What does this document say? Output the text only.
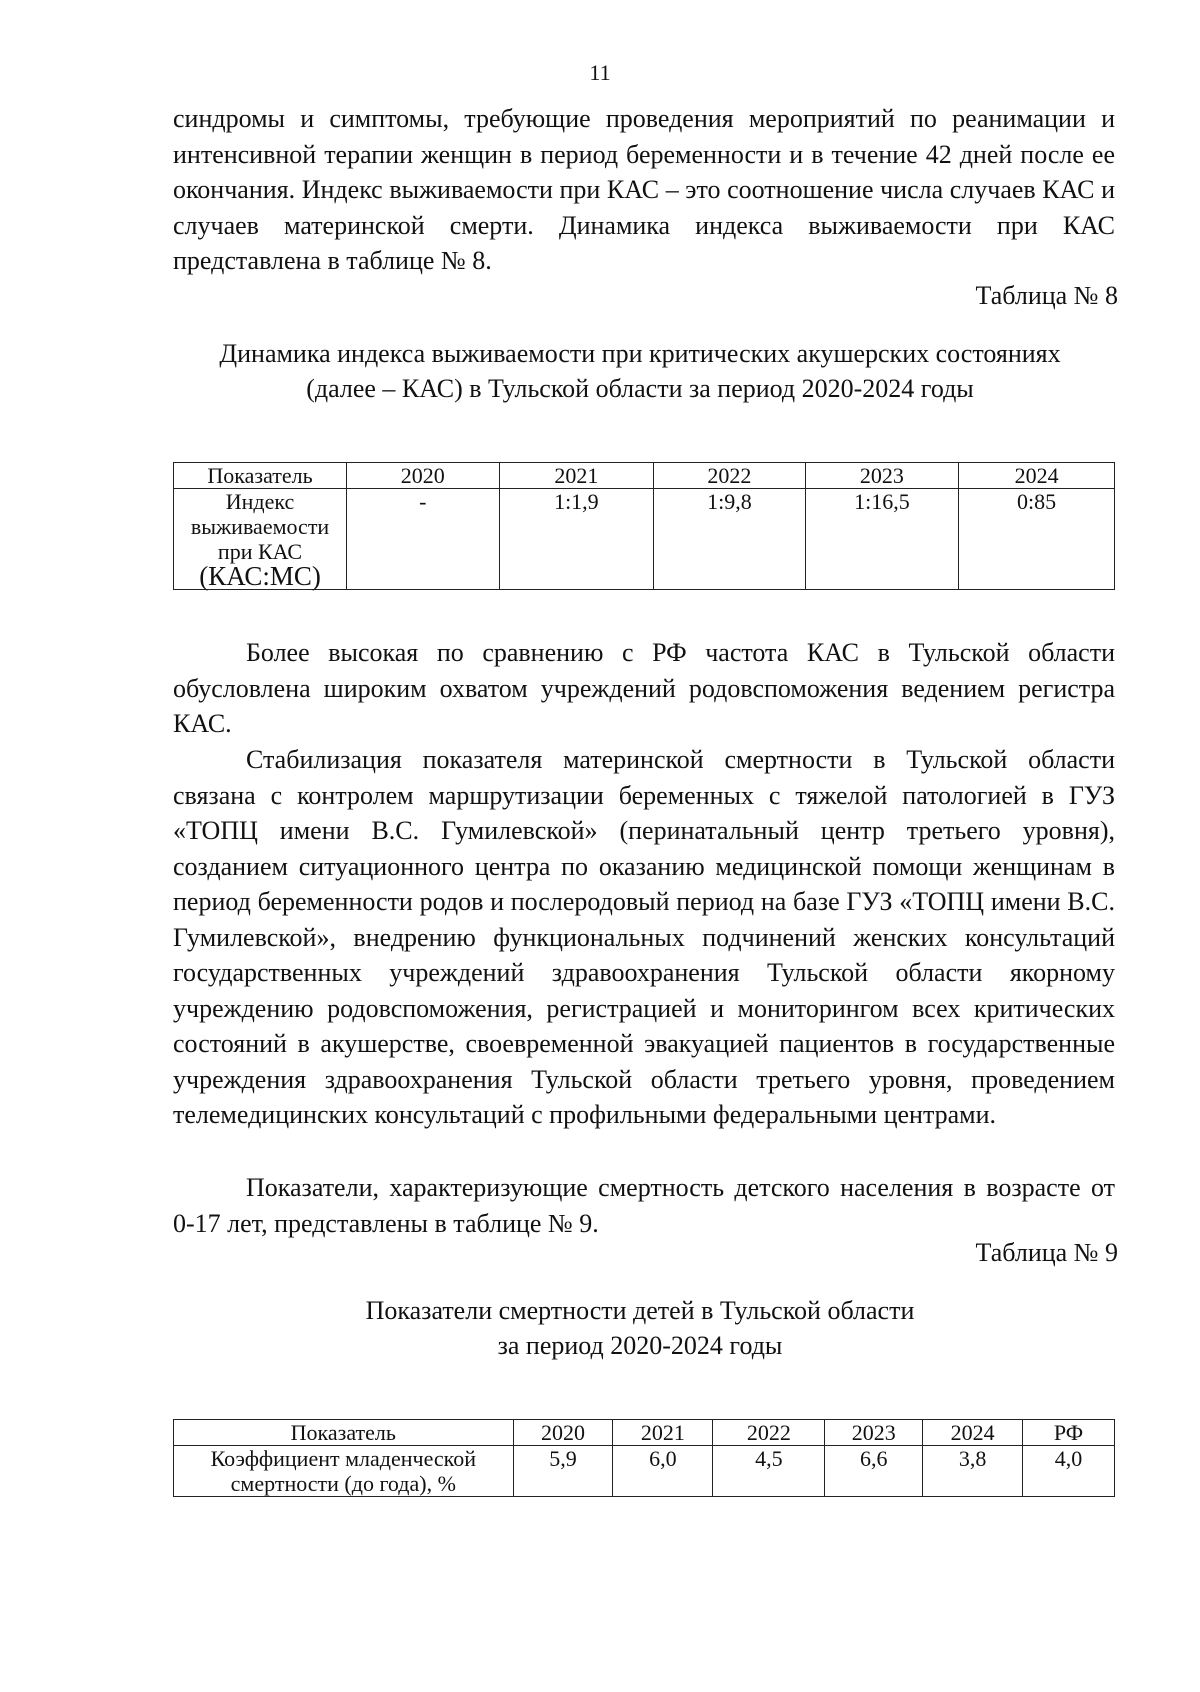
11

синдромы и симптомы, требующие проведения мероприятий по реанимации и интенсивной терапии женщин в период беременности и в течение 42 дней после ее окончания. Индекс выживаемости при КАС – это соотношение числа случаев КАС и случаев материнской смерти. Динамика индекса выживаемости при КАС представлена в таблице № 8.

Таблица № 8
Динамика индекса выживаемости при критических акушерских состояниях
(далее – КАС) в Тульской области за период 2020-2024 годы
Показатель	2020	2021	2022	2023	2024

Индекс
выживаемости
при КАС
(КАС:МС)	-	1:1,9	1:9,8	1:16,5	0:85

Более высокая по сравнению с РФ частота КАС в Тульской области обусловлена широким охватом учреждений родовспоможения ведением регистра КАС.

Стабилизация показателя материнской смертности в Тульской области связана с контролем маршрутизации беременных с тяжелой патологией в ГУЗ «ТОПЦ имени В.С. Гумилевской» (перинатальный центр третьего уровня), созданием ситуационного центра по оказанию медицинской помощи женщинам в период беременности родов и послеродовый период на базе ГУЗ «ТОПЦ имени В.С. Гумилевской», внедрению функциональных подчинений женских консультаций государственных учреждений здравоохранения Тульской области якорному учреждению родовспоможения, регистрацией и мониторингом всех критических состояний в акушерстве, своевременной эвакуацией пациентов в государственные учреждения здравоохранения Тульской области третьего уровня, проведением телемедицинских консультаций с профильными федеральными центрами.

Показатели, характеризующие смертность детского населения в возрасте от 0-17 лет, представлены в таблице № 9.

Таблица № 9
Показатели смертности детей в Тульской области
за период 2020-2024 годы
Показатель	2020	2021	2022	2023	2024	РФ

Коэффициент младенческой
смертности (до года), %	5,9	6,0	4,5	6,6	3,8	4,0
